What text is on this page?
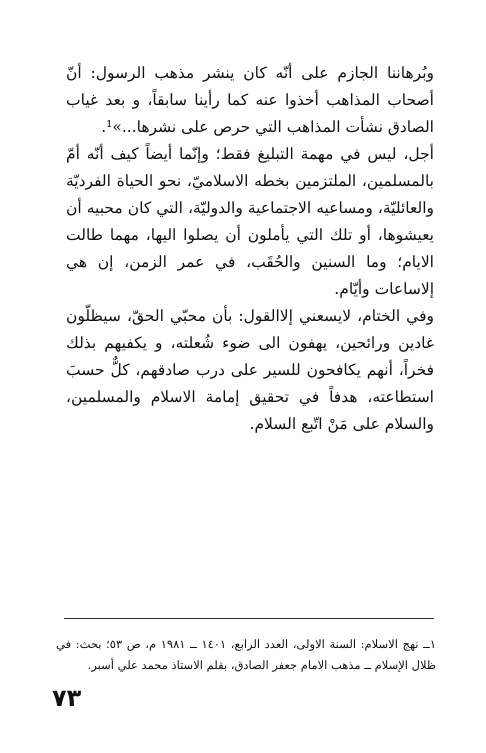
وبُرهاننا الجازم على أنّه كان ينشر مذهب الرسول: أنّ أصحاب المذاهب أخذوا عنه كما رأينا سابقاً، و بعد غياب الصادق نشأت المذاهب التي حرص على نشرها...»¹.

أجل، ليس في مهمة التبليغ فقط؛ وإنّما أيضاً كيف أنّه أمّ بالمسلمين، الملتزمين بخطه الاسلاميّ، نحو الحياة الفرديّة والعائليّة، ومساعيه الاجتماعية والدوليّة، التي كان محبيه أن يعيشوها، أو تلك التي يأملون أن يصلوا اليها، مهما طالت الايام؛ وما السنين والحُقَب، في عمر الزمن، إن هي إلاساعات وأيّام.

وفي الختام، لايسعني إلاالقول: بأن محبّي الحقّ، سيظلّون غادين ورائحين، يهفون الى ضوء شُعلته، و يكفيهم بذلك فخراً، أنهم يكافحون للسير على درب صادقهم، كلٌّ حسبَ استطاعته، هدفاً في تحقيق إمامة الاسلام والمسلمين، والسلام على مَنْ اتّبع السلام.

١ــ نهج الاسلام: السنة الاولى، العدد الرابع، ١٤٠١ ــ ١٩٨١ م، ص ٥٣؛ بحث: في ظلال الإسلام ــ مذهب الامام جعفر الصادق، بقلم الاستاذ محمد علي أسبر.
٧٣
